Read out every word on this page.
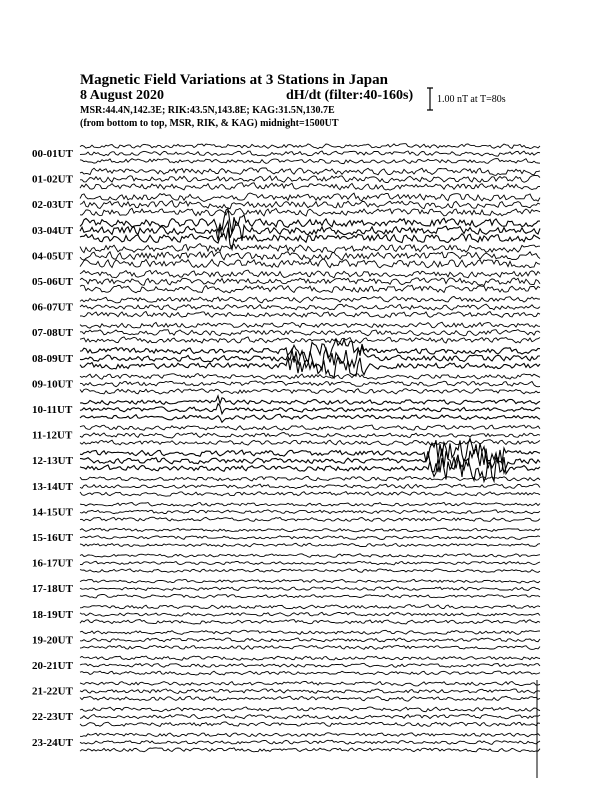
Magnetic Field Variations at 3 Stations in Japan
8 August 2020	dH/dt (filter:40-160s)
MSR:44.4N,142.3E; RIK:43.5N,143.8E; KAG:31.5N,130.7E
(from bottom to top, MSR, RIK, & KAG) midnight=1500UT
1.00 nT at T=80s
00-01UT
01-02UT
02-03UT
03-04UT
04-05UT
05-06UT
06-07UT
07-08UT
08-09UT
09-10UT
10-11UT
11-12UT
12-13UT
13-14UT
14-15UT
15-16UT
16-17UT
17-18UT
18-19UT
19-20UT
20-21UT
21-22UT
22-23UT
23-24UT
